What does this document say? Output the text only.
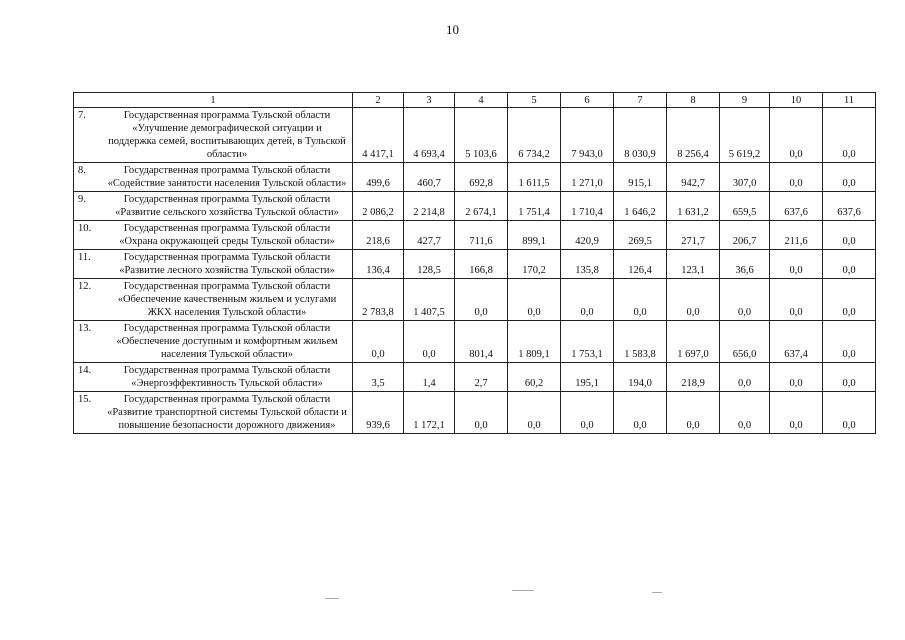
10
1	2	3	4	5	6	7	8	9	10	11

7. Государственная программа Тульской области «Улучшение демографической ситуации и поддержка семей, воспитывающих детей, в Тульской области»	4 417,1	4 693,4	5 103,6	6 734,2	7 943,0	8 030,9	8 256,4	5 619,2	0,0	0,0

8. Государственная программа Тульской области «Содействие занятости населения Тульской области»	499,6	460,7	692,8	1 611,5	1 271,0	915,1	942,7	307,0	0,0	0,0

9. Государственная программа Тульской области «Развитие сельского хозяйства Тульской области»	2 086,2	2 214,8	2 674,1	1 751,4	1 710,4	1 646,2	1 631,2	659,5	637,6	637,6

10. Государственная программа Тульской области «Охрана окружающей среды Тульской области»	218,6	427,7	711,6	899,1	420,9	269,5	271,7	206,7	211,6	0,0

11. Государственная программа Тульской области «Развитие лесного хозяйства Тульской области»	136,4	128,5	166,8	170,2	135,8	126,4	123,1	36,6	0,0	0,0

12. Государственная программа Тульской области «Обеспечение качественным жильем и услугами ЖКХ населения Тульской области»	2 783,8	1 407,5	0,0	0,0	0,0	0,0	0,0	0,0	0,0	0,0

13. Государственная программа Тульской области «Обеспечение доступным и комфортным жильем населения Тульской области»	0,0	0,0	801,4	1 809,1	1 753,1	1 583,8	1 697,0	656,0	637,4	0,0

14. Государственная программа Тульской области «Энергоэффективность Тульской области»	3,5	1,4	2,7	60,2	195,1	194,0	218,9	0,0	0,0	0,0

15. Государственная программа Тульской области «Развитие транспортной системы Тульской области и повышение безопасности дорожного движения»	939,6	1 172,1	0,0	0,0	0,0	0,0	0,0	0,0	0,0	0,0
